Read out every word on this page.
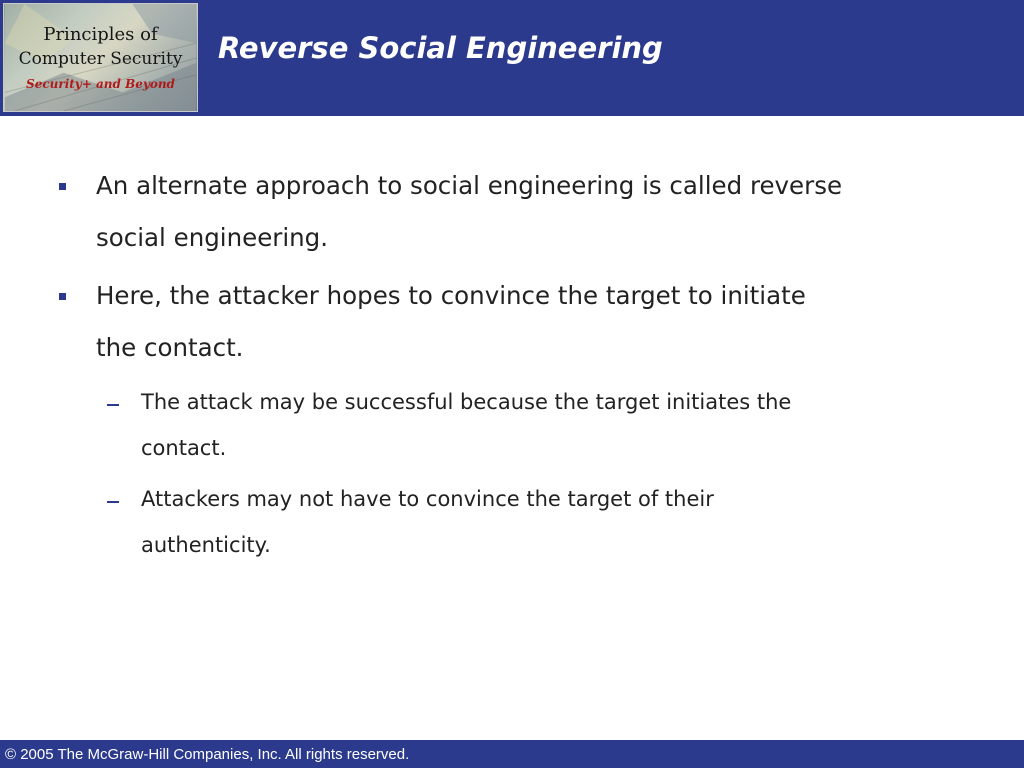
Principles of
Computer Security
Security+ and Beyond
Reverse Social Engineering
An alternate approach to social engineering is called reverse
social engineering.
Here, the attacker hopes to convince the target to initiate
the contact.
The attack may be successful because the target initiates the
contact.
Attackers may not have to convince the target of their
authenticity.
© 2005 The McGraw-Hill Companies, Inc. All rights reserved.
